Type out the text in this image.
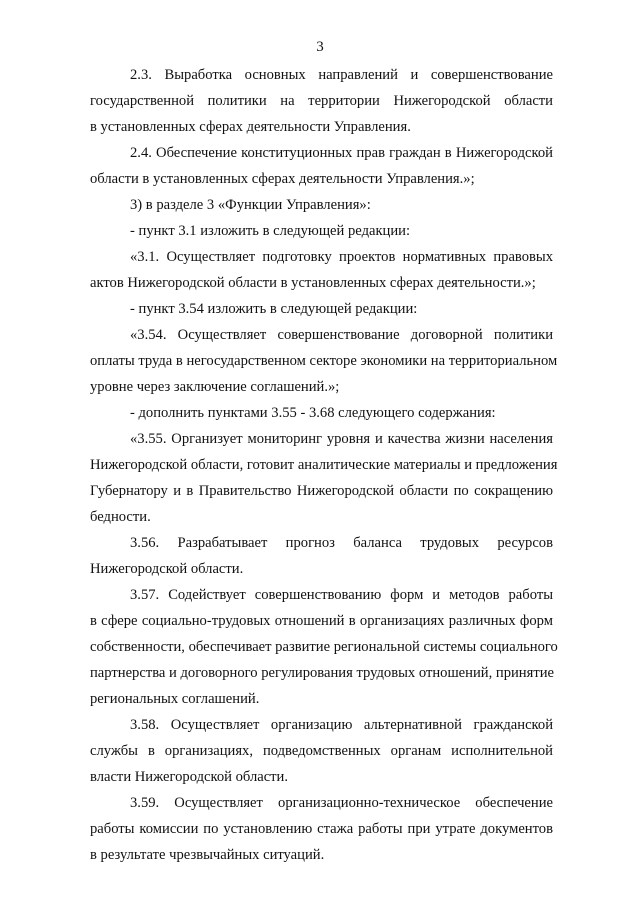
3
2.3. Выработка основных направлений и совершенствование
государственной политики на территории Нижегородской области
в установленных сферах деятельности Управления.
2.4. Обеспечение конституционных прав граждан в Нижегородской
области в установленных сферах деятельности Управления.»;
3) в разделе 3 «Функции Управления»:
- пункт 3.1 изложить в следующей редакции:
«3.1. Осуществляет подготовку проектов нормативных правовых
актов Нижегородской области в установленных сферах деятельности.»;
- пункт 3.54 изложить в следующей редакции:
«3.54. Осуществляет совершенствование договорной политики
оплаты труда в негосударственном секторе экономики на территориальном
уровне через заключение соглашений.»;
- дополнить пунктами 3.55 - 3.68 следующего содержания:
«3.55. Организует мониторинг уровня и качества жизни населения
Нижегородской области, готовит аналитические материалы и предложения
Губернатору и в Правительство Нижегородской области по сокращению
бедности.
3.56. Разрабатывает прогноз баланса трудовых ресурсов
Нижегородской области.
3.57. Содействует совершенствованию форм и методов работы
в сфере социально-трудовых отношений в организациях различных форм
собственности, обеспечивает развитие региональной системы социального
партнерства и договорного регулирования трудовых отношений, принятие
региональных соглашений.
3.58. Осуществляет организацию альтернативной гражданской
службы в организациях, подведомственных органам исполнительной
власти Нижегородской области.
3.59. Осуществляет организационно-техническое обеспечение
работы комиссии по установлению стажа работы при утрате документов
в результате чрезвычайных ситуаций.
